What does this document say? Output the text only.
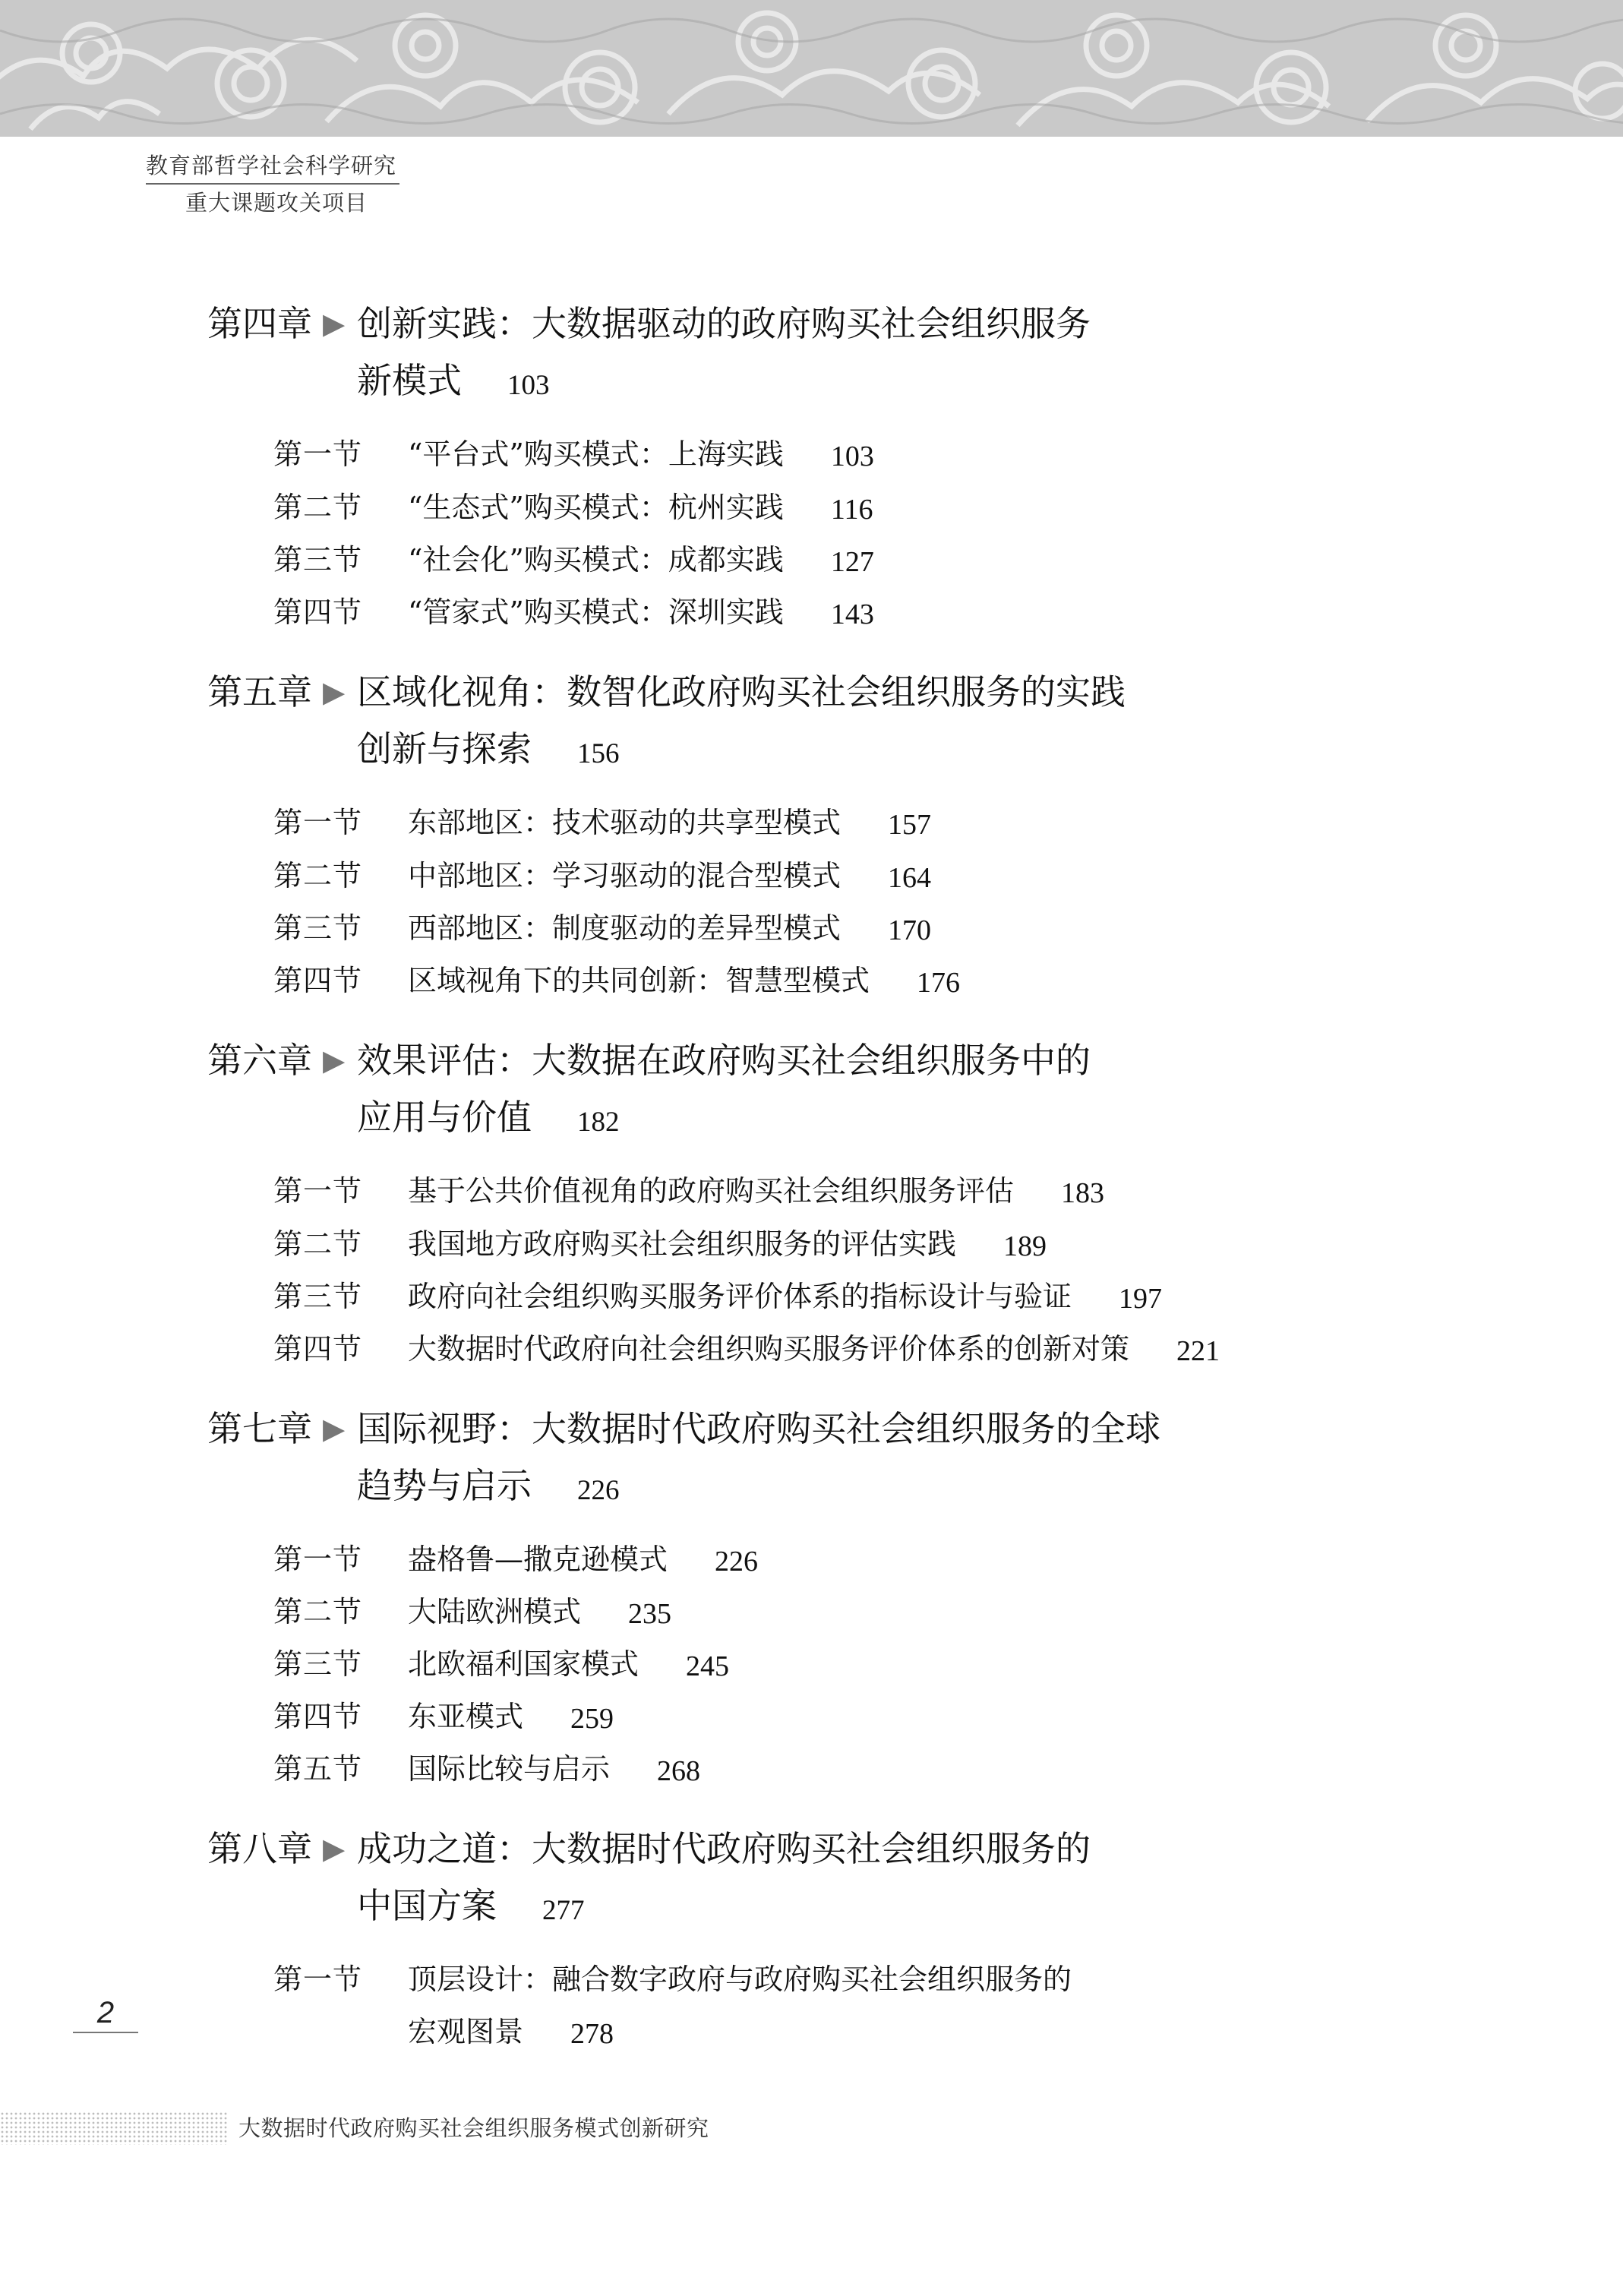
教育部哲学社会科学研究
重大课题攻关项目
第四章 ▶ 创新实践：大数据驱动的政府购买社会组织服务
新模式 103
第一节 “平台式”购买模式：上海实践 103
第二节 “生态式”购买模式：杭州实践 116
第三节 “社会化”购买模式：成都实践 127
第四节 “管家式”购买模式：深圳实践 143
第五章 ▶ 区域化视角：数智化政府购买社会组织服务的实践
创新与探索 156
第一节 东部地区：技术驱动的共享型模式 157
第二节 中部地区：学习驱动的混合型模式 164
第三节 西部地区：制度驱动的差异型模式 170
第四节 区域视角下的共同创新：智慧型模式 176
第六章 ▶ 效果评估：大数据在政府购买社会组织服务中的
应用与价值 182
第一节 基于公共价值视角的政府购买社会组织服务评估 183
第二节 我国地方政府购买社会组织服务的评估实践 189
第三节 政府向社会组织购买服务评价体系的指标设计与验证 197
第四节 大数据时代政府向社会组织购买服务评价体系的创新对策 221
第七章 ▶ 国际视野：大数据时代政府购买社会组织服务的全球
趋势与启示 226
第一节 盎格鲁—撒克逊模式 226
第二节 大陆欧洲模式 235
第三节 北欧福利国家模式 245
第四节 东亚模式 259
第五节 国际比较与启示 268
第八章 ▶ 成功之道：大数据时代政府购买社会组织服务的
中国方案 277
第一节 顶层设计：融合数字政府与政府购买社会组织服务的
宏观图景 278
2
大数据时代政府购买社会组织服务模式创新研究
